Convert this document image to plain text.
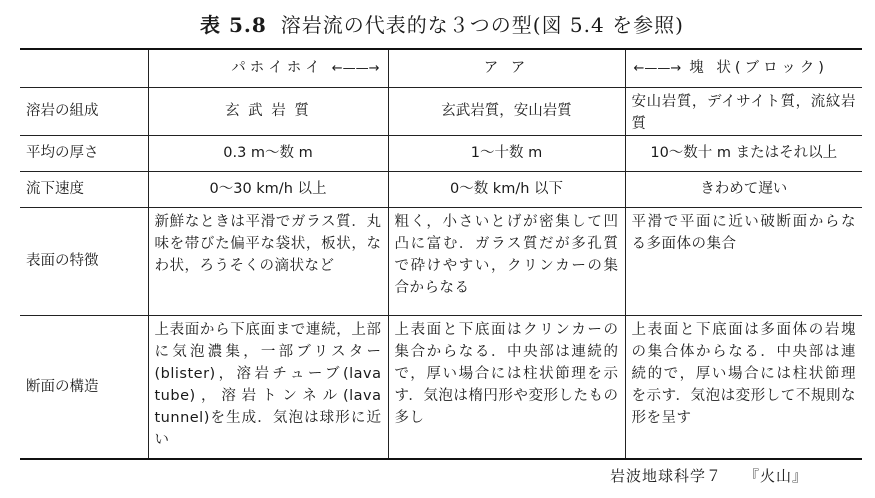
表 5.8 溶岩流の代表的な３つの型(図 5.4 を参照)
	パホイホイ ←——→	ア ア	←——→ 塊 状(ブロック)
溶岩の組成	玄 武 岩 質	玄武岩質，安山岩質	安山岩質，デイサイト質，流紋岩質
平均の厚さ	0.3 m～数 m	1～十数 m	10～数十 m またはそれ以上
流下速度	0～30 km/h 以上	0～数 km/h 以下	きわめて遅い
表面の特徴	新鮮なときは平滑でガラス質．丸味を帯びた偏平な袋状，板状，なわ状，ろうそくの滴状など	粗く，小さいとげが密集して凹凸に富む．ガラス質だが多孔質で砕けやすい，クリンカーの集合からなる	平滑で平面に近い破断面からなる多面体の集合
断面の構造	上表面から下底面まで連続，上部に気泡濃集，一部ブリスター(blister)，溶岩チューブ(lava tube)，溶岩トンネル(lava tunnel)を生成．気泡は球形に近い	上表面と下底面はクリンカーの集合からなる．中央部は連続的で，厚い場合には柱状節理を示す．気泡は楕円形や変形したもの多し	上表面と下底面は多面体の岩塊の集合体からなる．中央部は連続的で，厚い場合には柱状節理を示す．気泡は変形して不規則な形を呈す
岩波地球科学７ 『火山』
